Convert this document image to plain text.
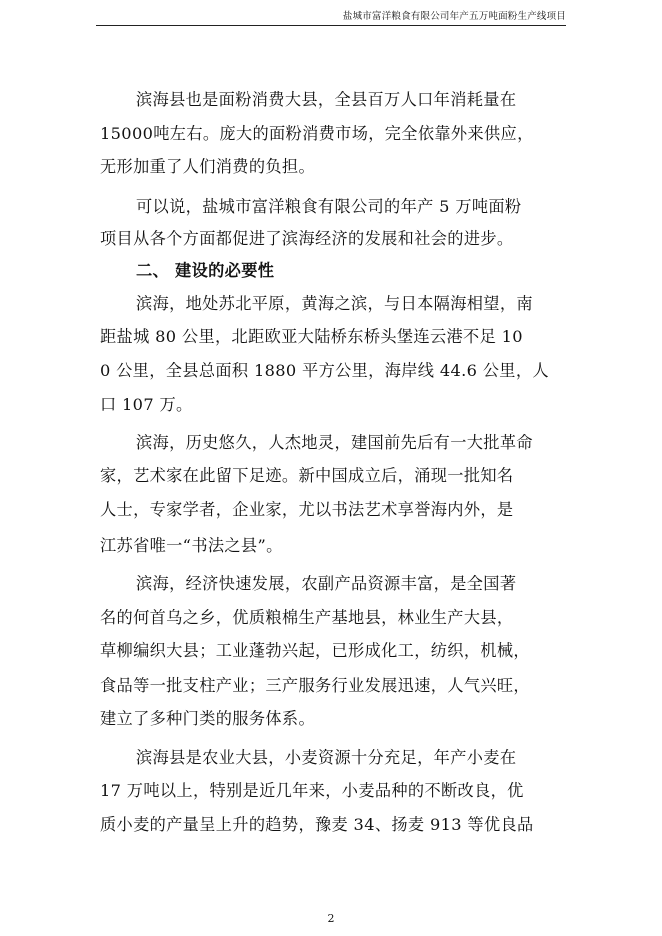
盐城市富洋粮食有限公司年产五万吨面粉生产线项目
滨海县也是面粉消费大县，全县百万人口年消耗量在
15000吨左右。庞大的面粉消费市场，完全依靠外来供应，
无形加重了人们消费的负担。
可以说，盐城市富洋粮食有限公司的年产 5 万吨面粉
项目从各个方面都促进了滨海经济的发展和社会的进步。
二、 建设的必要性
滨海，地处苏北平原，黄海之滨，与日本隔海相望，南
距盐城 80 公里，北距欧亚大陆桥东桥头堡连云港不足 10
0 公里，全县总面积 1880 平方公里，海岸线 44.6 公里，人
口 107 万。
滨海，历史悠久，人杰地灵，建国前先后有一大批革命
家，艺术家在此留下足迹。新中国成立后，涌现一批知名
人士，专家学者，企业家，尤以书法艺术享誉海内外，是
江苏省唯一“书法之县”。
滨海，经济快速发展，农副产品资源丰富，是全国著
名的何首乌之乡，优质粮棉生产基地县，林业生产大县，
草柳编织大县；工业蓬勃兴起，已形成化工，纺织，机械，
食品等一批支柱产业；三产服务行业发展迅速，人气兴旺，
建立了多种门类的服务体系。
滨海县是农业大县，小麦资源十分充足，年产小麦在
17 万吨以上，特别是近几年来，小麦品种的不断改良，优
质小麦的产量呈上升的趋势，豫麦 34、扬麦 913 等优良品
2
